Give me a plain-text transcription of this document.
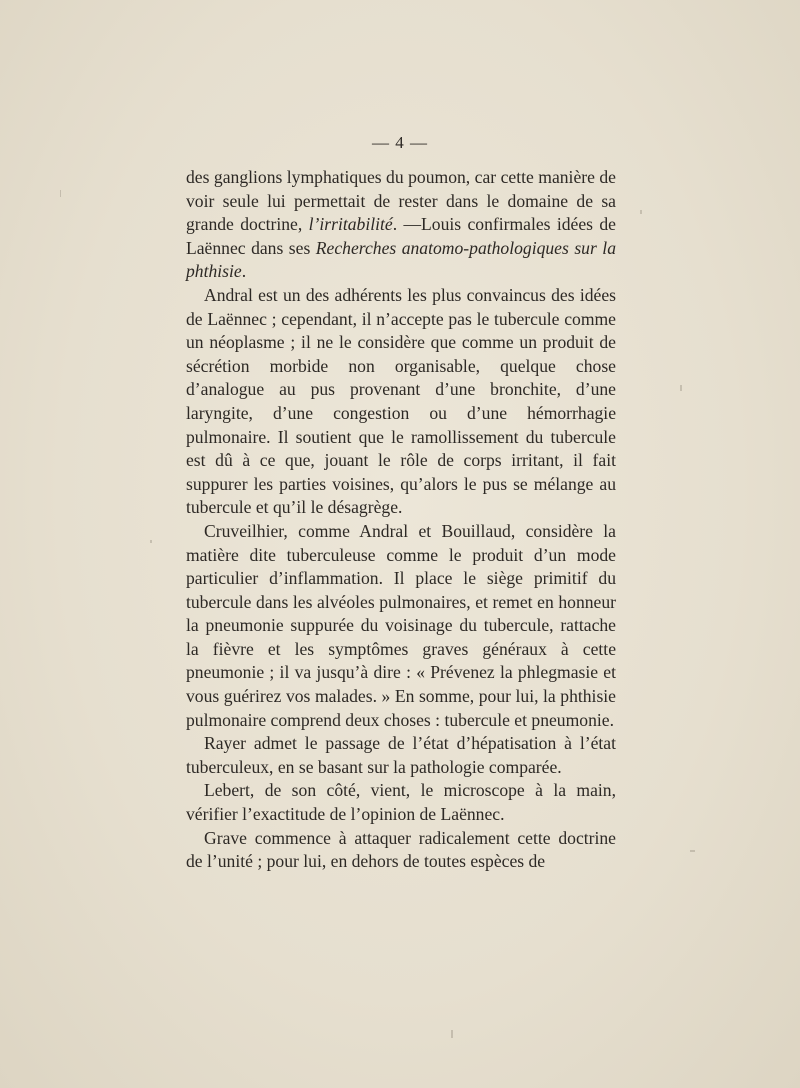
— 4 —

des ganglions lymphatiques du poumon, car cette manière de voir seule lui permettait de rester dans le domaine de sa grande doctrine, l’irritabilité. —Louis confirmales idées de Laënnec dans ses Recherches anatomo-pathologiques sur la phthisie.

Andral est un des adhérents les plus convaincus des idées de Laënnec ; cependant, il n’accepte pas le tubercule comme un néoplasme ; il ne le considère que comme un produit de sécrétion morbide non organisable, quelque chose d’analogue au pus provenant d’une bronchite, d’une laryngite, d’une congestion ou d’une hémorrhagie pulmonaire. Il soutient que le ramollissement du tubercule est dû à ce que, jouant le rôle de corps irritant, il fait suppurer les parties voisines, qu’alors le pus se mélange au tubercule et qu’il le désagrège.

Cruveilhier, comme Andral et Bouillaud, considère la matière dite tuberculeuse comme le produit d’un mode particulier d’inflammation. Il place le siège primitif du tubercule dans les alvéoles pulmonaires, et remet en honneur la pneumonie suppurée du voisinage du tubercule, rattache la fièvre et les symptômes graves généraux à cette pneumonie ; il va jusqu’à dire : « Prévenez la phlegmasie et vous guérirez vos malades. » En somme, pour lui, la phthisie pulmonaire comprend deux choses : tubercule et pneumonie.

Rayer admet le passage de l’état d’hépatisation à l’état tuberculeux, en se basant sur la pathologie comparée.

Lebert, de son côté, vient, le microscope à la main, vérifier l’exactitude de l’opinion de Laënnec.

Grave commence à attaquer radicalement cette doctrine de l’unité ; pour lui, en dehors de toutes espèces de
